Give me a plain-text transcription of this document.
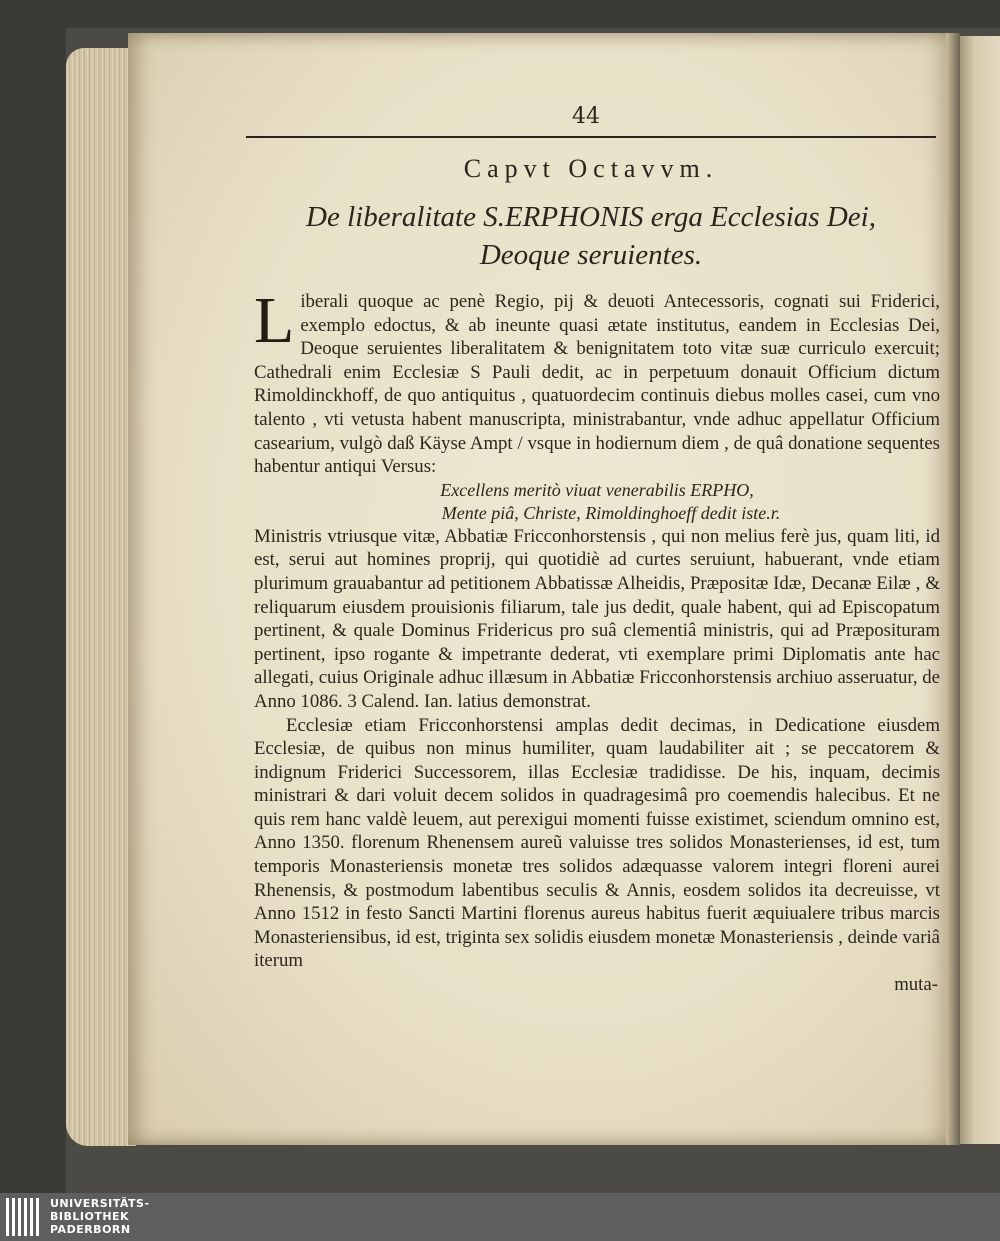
44
Capvt Octavvm.
De liberalitate S.ERPHONIS erga Ecclesias Dei,
Deoque seruientes.

Liberali quoque ac penè Regio, pij & deuoti Antecessoris, cognati sui Friderici, exemplo edoctus, & ab ineunte quasi ætate institutus, eandem in Ecclesias Dei, Deoque seruientes liberalitatem & benignitatem toto vitæ suæ curriculo exercuit; Cathedrali enim Ecclesiæ S Pauli dedit, ac in perpetuum donauit Officium dictum Rimoldinckhoff, de quo antiquitus , quatuordecim continuis diebus molles casei, cum vno talento , vti vetusta habent manuscripta, ministrabantur, vnde adhuc appellatur Officium casearium, vulgò daß Käyse Ampt / vsque in hodiernum diem , de quâ donatione sequentes habentur antiqui Versus:

Excellens meritò viuat venerabilis ERPHO,
Mente piâ, Christe, Rimoldinghoeff dedit iste.r.

Ministris vtriusque vitæ, Abbatiæ Fricconhorstensis , qui non melius ferè jus, quam liti, id est, serui aut homines proprij, qui quotidiè ad curtes seruiunt, habuerant, vnde etiam plurimum grauabantur ad petitionem Abbatissæ Alheidis, Præpositæ Idæ, Decanæ Eilæ , & reliquarum eiusdem prouisionis filiarum, tale jus dedit, quale habent, qui ad Episcopatum pertinent, & quale Dominus Fridericus pro suâ clementiâ ministris, qui ad Præposituram pertinent, ipso rogante & impetrante dederat, vti exemplare primi Diplomatis ante hac allegati, cuius Originale adhuc illæsum in Abbatiæ Fricconhorstensis archiuo asseruatur, de Anno 1086. 3 Calend. Ian. latius demonstrat.

Ecclesiæ etiam Fricconhorstensi amplas dedit decimas, in Dedicatione eiusdem Ecclesiæ, de quibus non minus humiliter, quam laudabiliter ait ; se peccatorem & indignum Friderici Successorem, illas Ecclesiæ tradidisse. De his, inquam, decimis ministrari & dari voluit decem solidos in quadragesimâ pro coemendis halecibus. Et ne quis rem hanc valdè leuem, aut perexigui momenti fuisse existimet, sciendum omnino est, Anno 1350. florenum Rhenensem aureũ valuisse tres solidos Monasterienses, id est, tum temporis Monasteriensis monetæ tres solidos adæquasse valorem integri floreni aurei Rhenensis, & postmodum labentibus seculis & Annis, eosdem solidos ita decreuisse, vt Anno 1512 in festo Sancti Martini florenus aureus habitus fuerit æquiualere tribus marcis Monasteriensibus, id est, triginta sex solidis eiusdem monetæ Monasteriensis , deinde variâ iterum

muta-

UNIVERSITÄTS-
BIBLIOTHEK
PADERBORN
